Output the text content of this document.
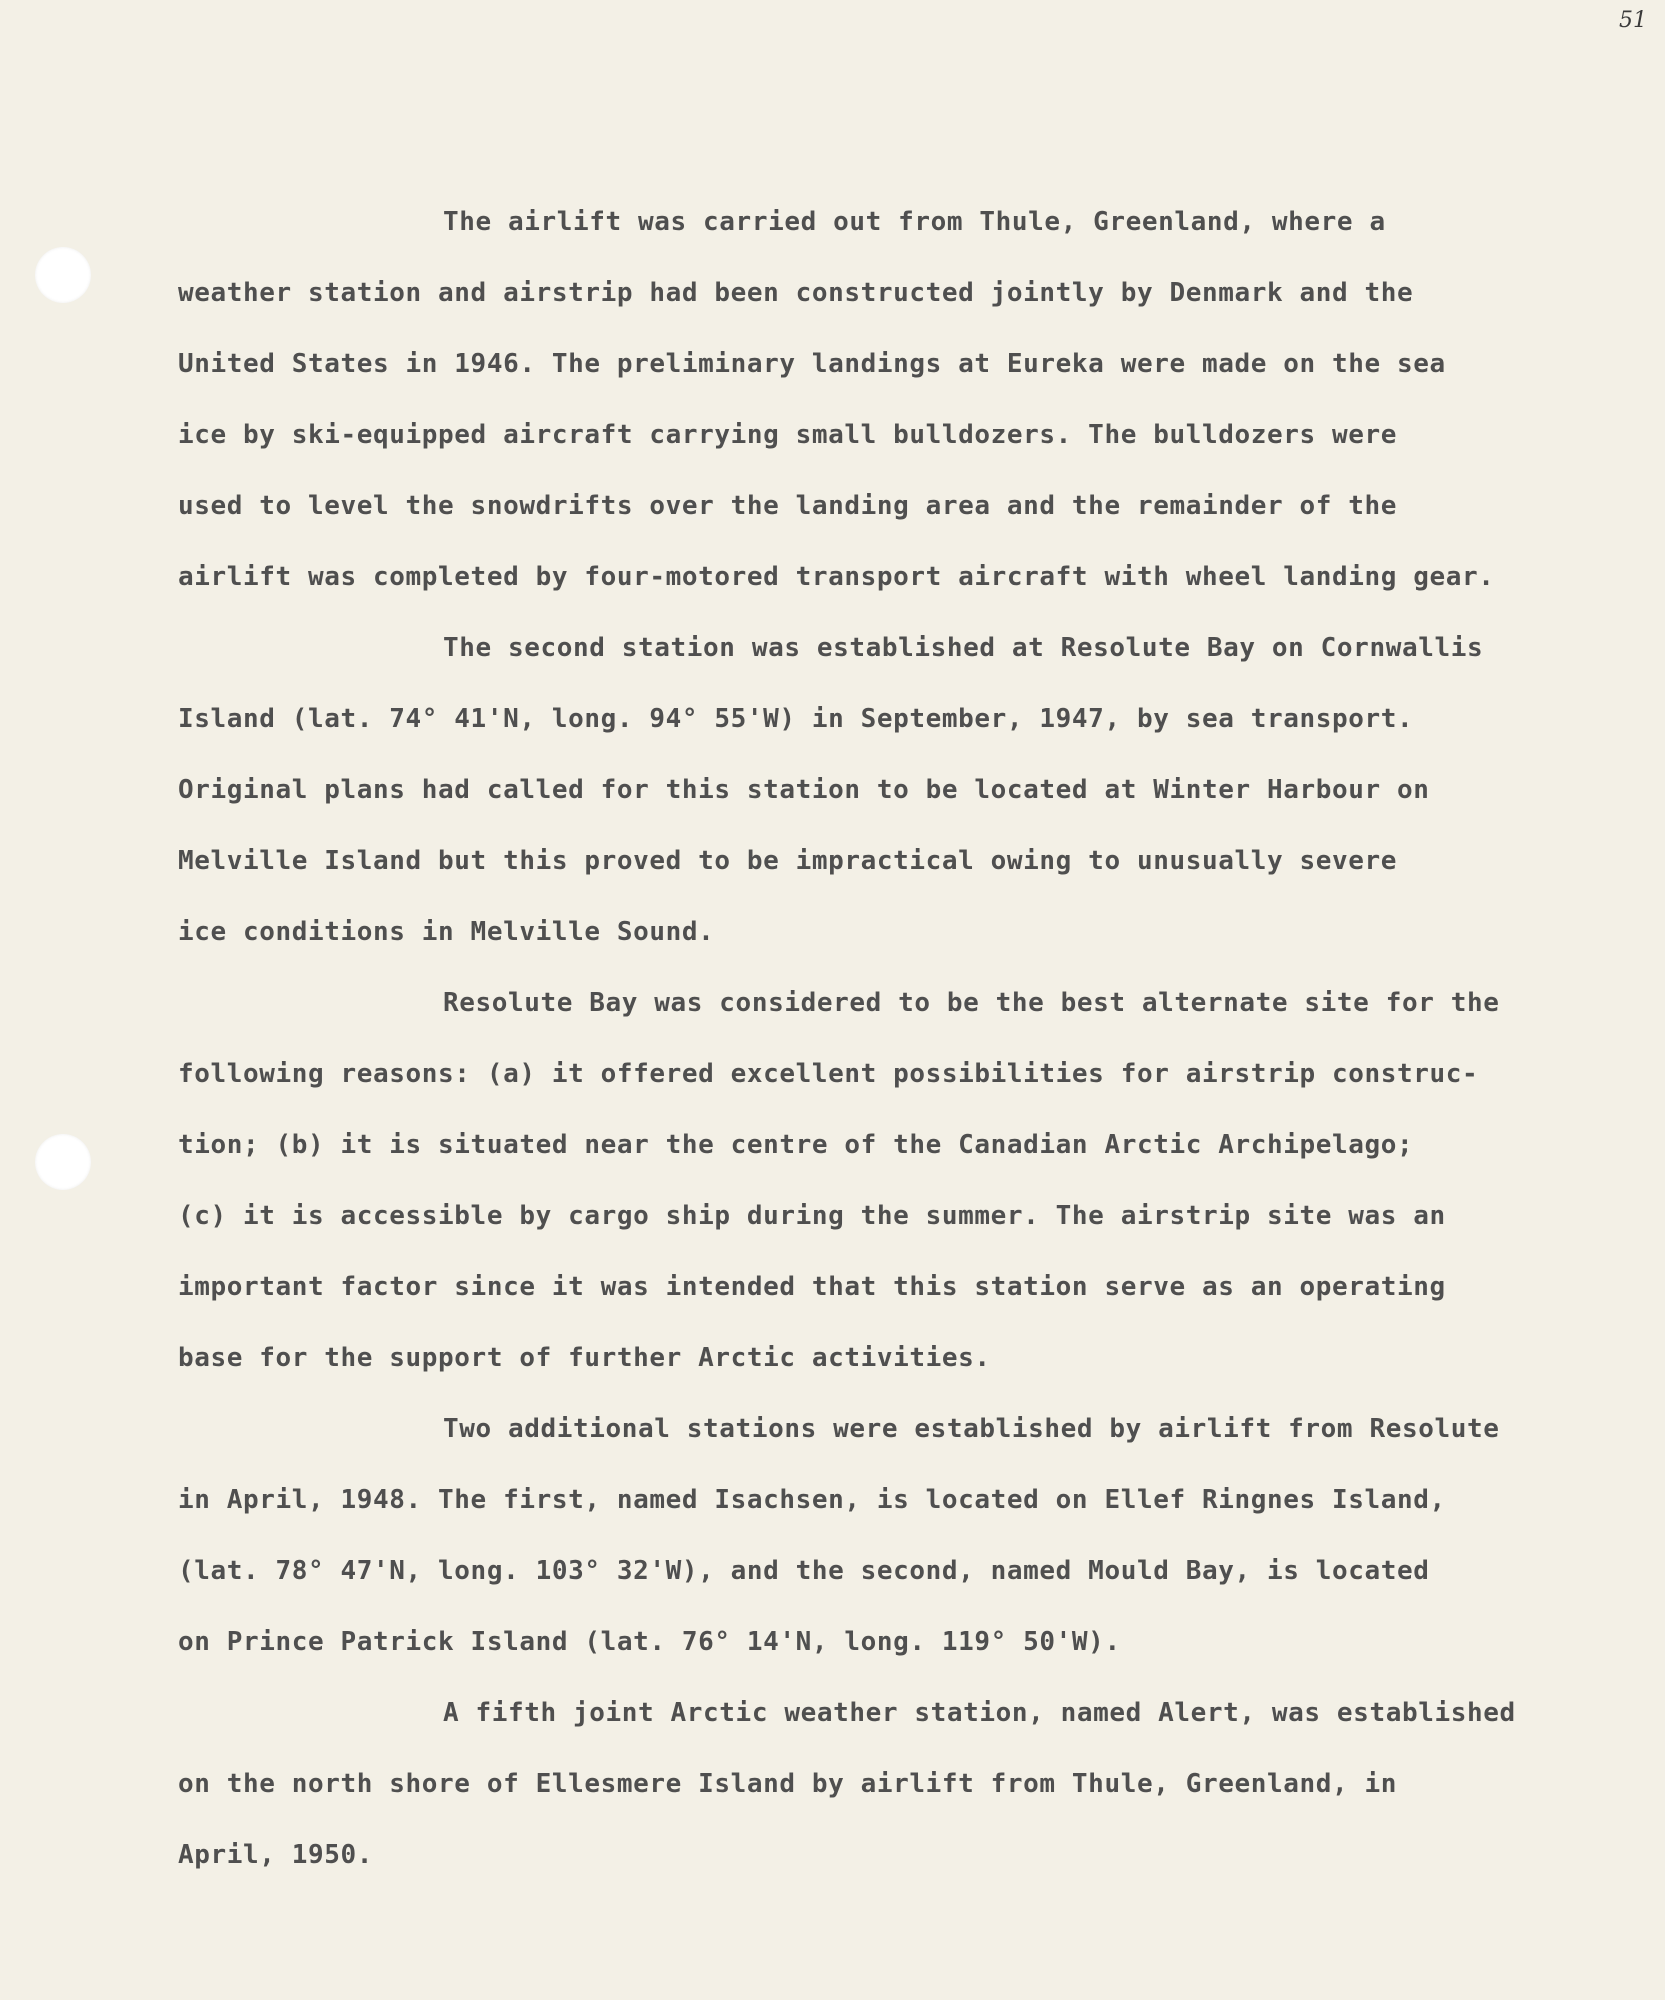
51
The airlift was carried out from Thule, Greenland, where a
weather station and airstrip had been constructed jointly by Denmark and the
United States in 1946. The preliminary landings at Eureka were made on the sea
ice by ski-equipped aircraft carrying small bulldozers. The bulldozers were
used to level the snowdrifts over the landing area and the remainder of the
airlift was completed by four-motored transport aircraft with wheel landing gear.
The second station was established at Resolute Bay on Cornwallis
Island (lat. 74° 41'N, long. 94° 55'W) in September, 1947, by sea transport.
Original plans had called for this station to be located at Winter Harbour on
Melville Island but this proved to be impractical owing to unusually severe
ice conditions in Melville Sound.
Resolute Bay was considered to be the best alternate site for the
following reasons: (a) it offered excellent possibilities for airstrip construc-
tion; (b) it is situated near the centre of the Canadian Arctic Archipelago;
(c) it is accessible by cargo ship during the summer. The airstrip site was an
important factor since it was intended that this station serve as an operating
base for the support of further Arctic activities.
Two additional stations were established by airlift from Resolute
in April, 1948. The first, named Isachsen, is located on Ellef Ringnes Island,
(lat. 78° 47'N, long. 103° 32'W), and the second, named Mould Bay, is located
on Prince Patrick Island (lat. 76° 14'N, long. 119° 50'W).
A fifth joint Arctic weather station, named Alert, was established
on the north shore of Ellesmere Island by airlift from Thule, Greenland, in
April, 1950.
